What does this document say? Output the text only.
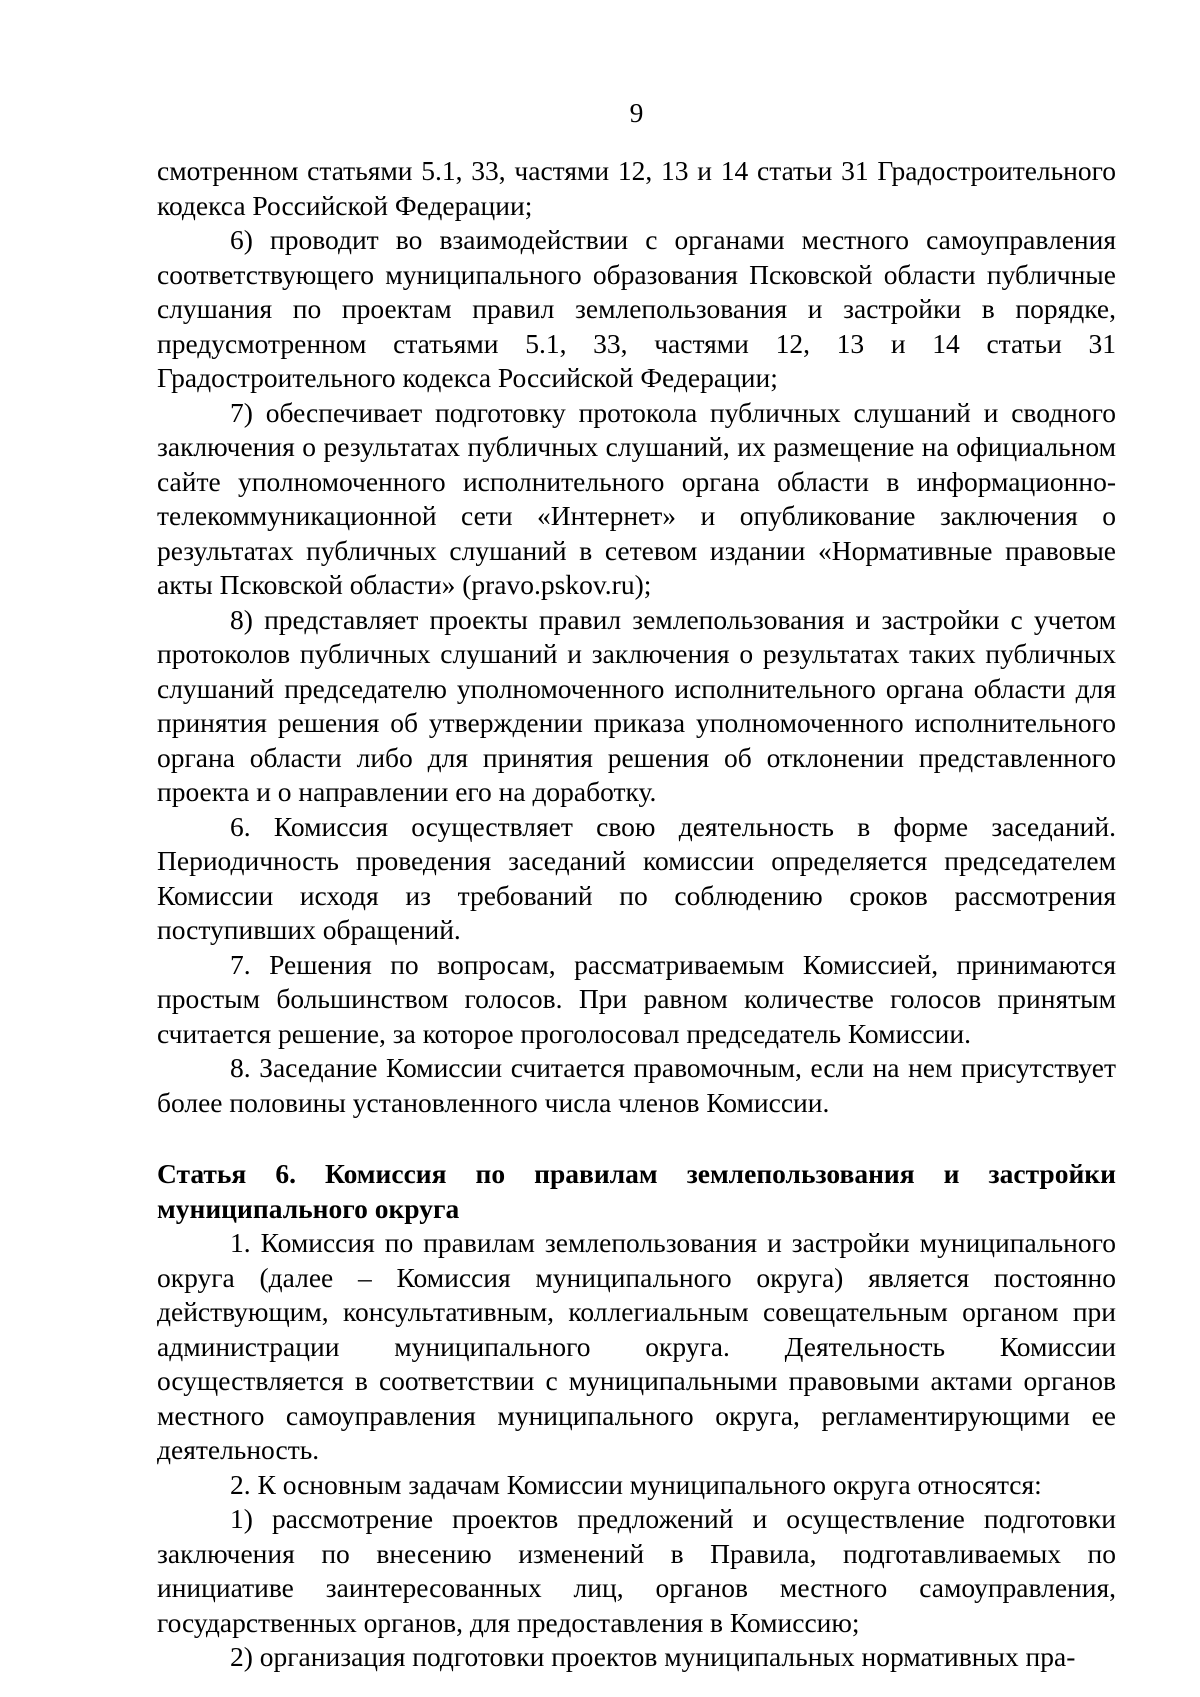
9

смотренном статьями 5.1, 33, частями 12, 13 и 14 статьи 31 Градостроительного кодекса Российской Федерации;

6) проводит во взаимодействии с органами местного самоуправления соответствующего муниципального образования Псковской области публичные слушания по проектам правил землепользования и застройки в порядке, предусмотренном статьями 5.1, 33, частями 12, 13 и 14 статьи 31 Градостроительного кодекса Российской Федерации;

7) обеспечивает подготовку протокола публичных слушаний и сводного заключения о результатах публичных слушаний, их размещение на официальном сайте уполномоченного исполнительного органа области в информационно-телекоммуникационной сети «Интернет» и опубликование заключения о результатах публичных слушаний в сетевом издании «Нормативные правовые акты Псковской области» (pravo.pskov.ru);

8) представляет проекты правил землепользования и застройки с учетом протоколов публичных слушаний и заключения о результатах таких публичных слушаний председателю уполномоченного исполнительного органа области для принятия решения об утверждении приказа уполномоченного исполнительного органа области либо для принятия решения об отклонении представленного проекта и о направлении его на доработку.

6. Комиссия осуществляет свою деятельность в форме заседаний. Периодичность проведения заседаний комиссии определяется председателем Комиссии исходя из требований по соблюдению сроков рассмотрения поступивших обращений.

7. Решения по вопросам, рассматриваемым Комиссией, принимаются простым большинством голосов. При равном количестве голосов принятым считается решение, за которое проголосовал председатель Комиссии.

8. Заседание Комиссии считается правомочным, если на нем присутствует более половины установленного числа членов Комиссии.

Статья 6. Комиссия по правилам землепользования и застройки муниципального округа

1. Комиссия по правилам землепользования и застройки муниципального округа (далее – Комиссия муниципального округа) является постоянно действующим, консультативным, коллегиальным совещательным органом при администрации муниципального округа. Деятельность Комиссии осуществляется в соответствии с муниципальными правовыми актами органов местного самоуправления муниципального округа, регламентирующими ее деятельность.

2. К основным задачам Комиссии муниципального округа относятся:

1) рассмотрение проектов предложений и осуществление подготовки заключения по внесению изменений в Правила, подготавливаемых по инициативе заинтересованных лиц, органов местного самоуправления, государственных органов, для предоставления в Комиссию;

2) организация подготовки проектов муниципальных нормативных пра-
